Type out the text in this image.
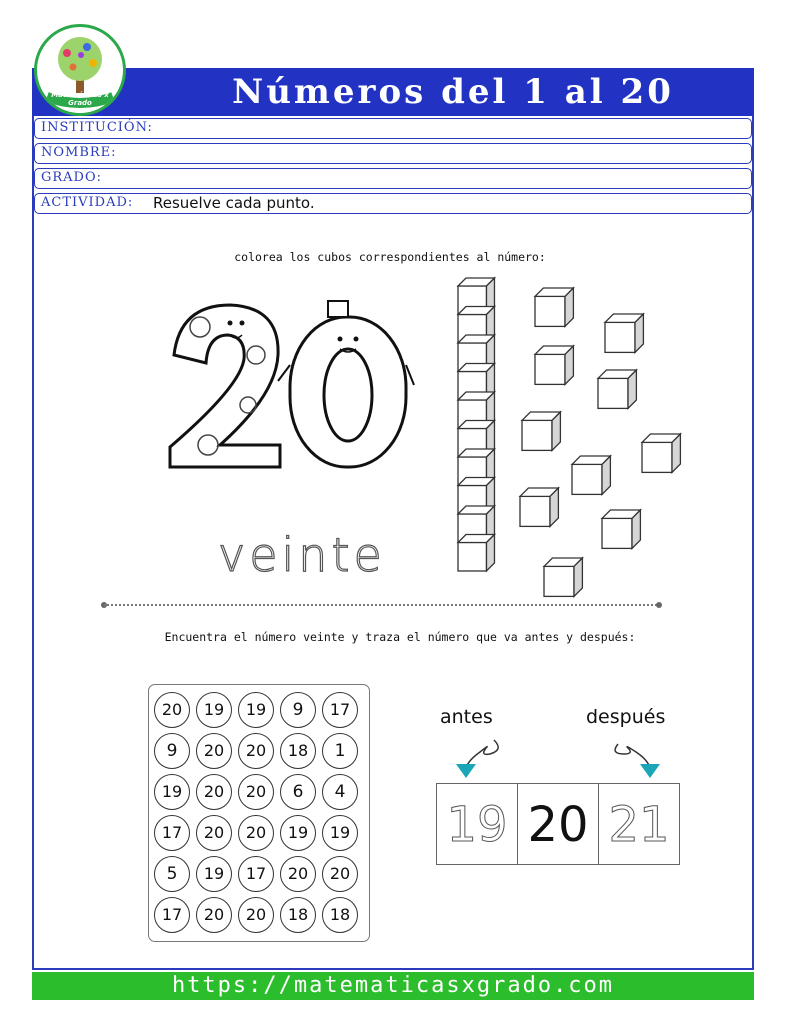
Números del 1 al 20
Matemáticas x Grado
INSTITUCIÓN:
NOMBRE:
GRADO:
ACTIVIDAD: Resuelve cada punto.
colorea los cubos correspondientes al número:
veinte
Encuentra el número veinte y traza el número que va antes y después:
20	19	19	9	17
9	20	20	18	1
19	20	20	6	4
17	20	20	19	19
5	19	17	20	20
17	20	20	18	18
antes	después
19 20 21
https://matematicasxgrado.com
